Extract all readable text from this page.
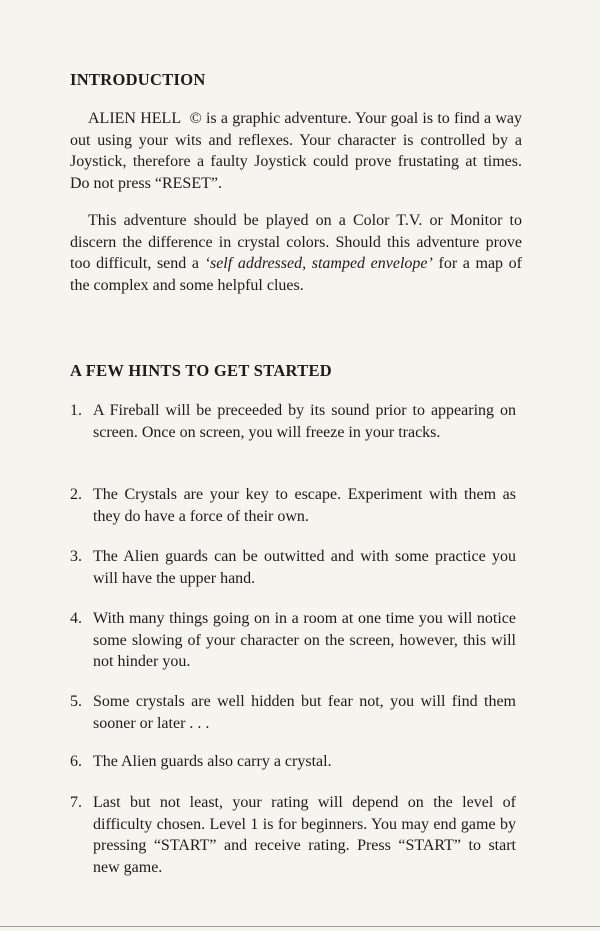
INTRODUCTION

ALIEN HELL © is a graphic adventure. Your goal is to find a way out using your wits and reflexes. Your character is controlled by a Joystick, therefore a faulty Joystick could prove frustating at times. Do not press “RESET”.

This adventure should be played on a Color T.V. or Monitor to discern the difference in crystal colors. Should this adventure prove too difficult, send a ‘self addressed, stamped envelope’ for a map of the complex and some helpful clues.

A FEW HINTS TO GET STARTED
1. A Fireball will be preceeded by its sound prior to appearing on screen. Once on screen, you will freeze in your tracks.
2. The Crystals are your key to escape. Experiment with them as they do have a force of their own.
3. The Alien guards can be outwitted and with some practice you will have the upper hand.
4. With many things going on in a room at one time you will notice some slowing of your character on the screen, however, this will not hinder you.
5. Some crystals are well hidden but fear not, you will find them sooner or later . . .
6. The Alien guards also carry a crystal.
7. Last but not least, your rating will depend on the level of difficulty chosen. Level 1 is for beginners. You may end game by pressing “START” and receive rating. Press “START” to start new game.
